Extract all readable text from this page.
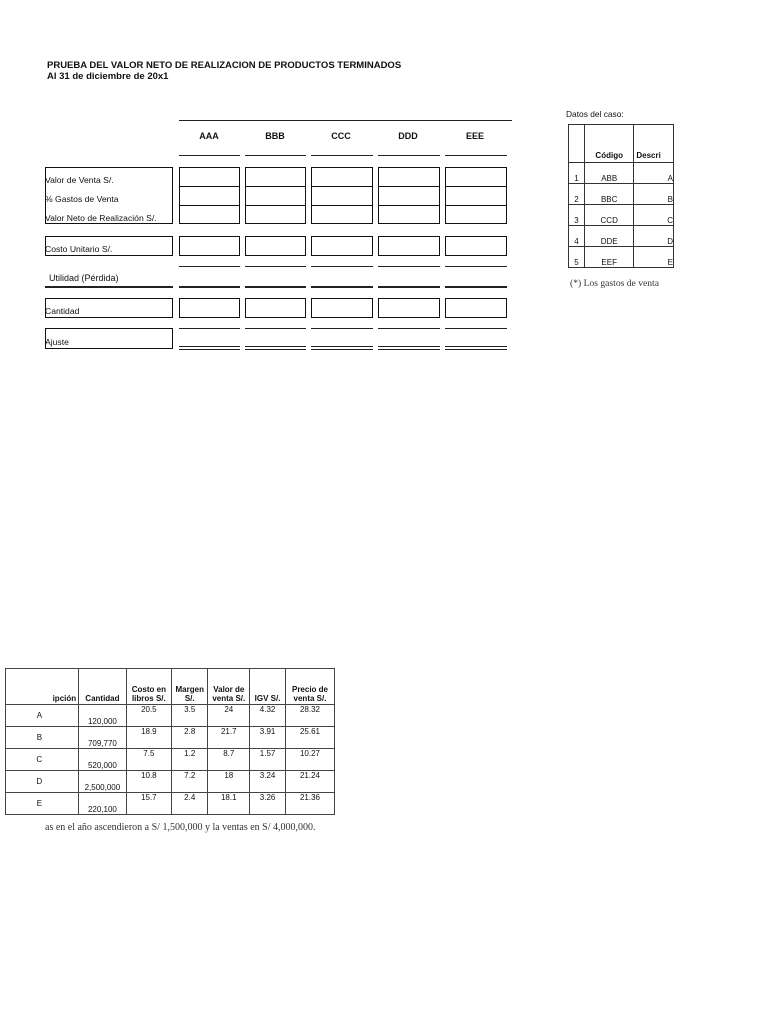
PRUEBA DEL VALOR NETO DE REALIZACION DE PRODUCTOS TERMINADOS
Al 31 de diciembre de 20x1
AAA	BBB	CCC	DDD	EEE
Valor de Venta S/.
% Gastos de Venta
Valor Neto de Realización S/.
Costo Unitario S/.
Utilidad (Pérdida)
Cantidad
Ajuste
Datos del caso:
	Código	Descri
1	ABB	A
2	BBC	B
3	CCD	C
4	DDE	D
5	EEF	E
(*) Los gastos de venta
ipción	Cantidad	Costo en libros S/.	Margen S/.	Valor de venta S/.	IGV S/.	Precio de venta S/.
A	120,000	20.5	3.5	24	4.32	28.32
B	709,770	18.9	2.8	21.7	3.91	25.61
C	520,000	7.5	1.2	8.7	1.57	10.27
D	2,500,000	10.8	7.2	18	3.24	21.24
E	220,100	15.7	2.4	18.1	3.26	21.36
as en el año ascendieron a S/ 1,500,000 y la ventas en S/ 4,000,000.
